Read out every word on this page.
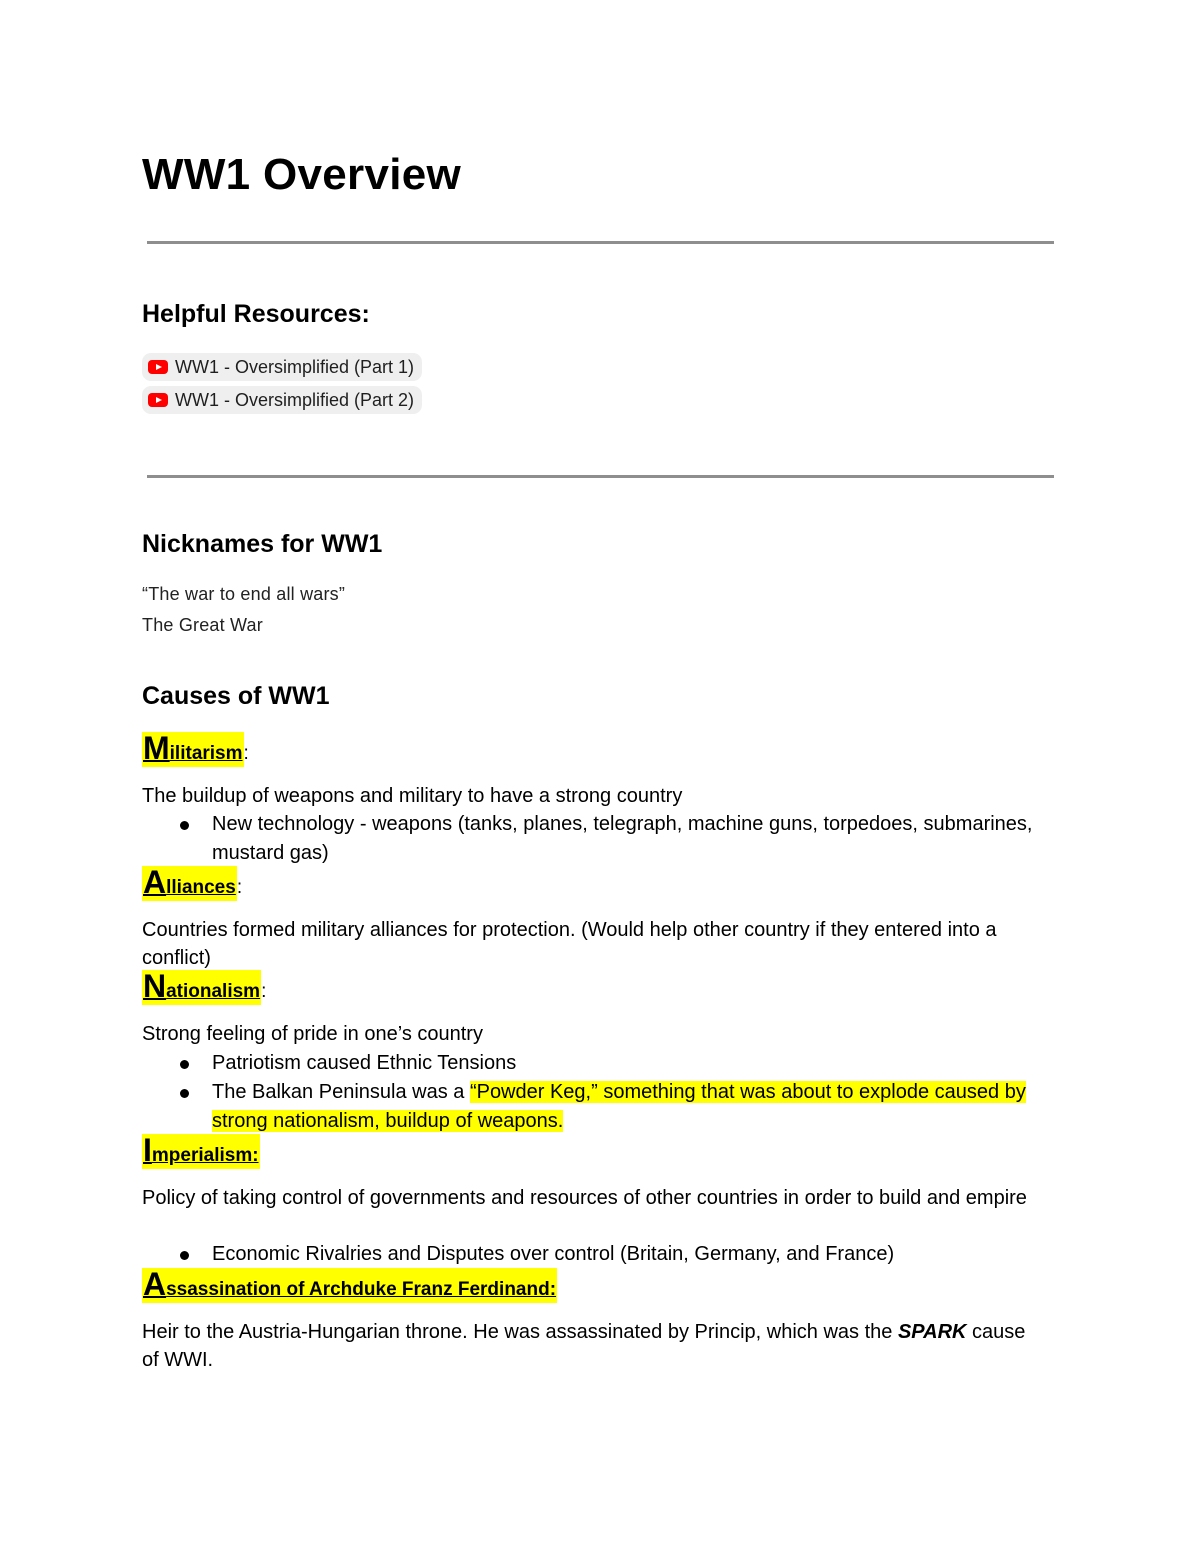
WW1 Overview
Helpful Resources:
WW1 - Oversimplified (Part 1)
WW1 - Oversimplified (Part 2)
Nicknames for WW1

“The war to end all wars”

The Great War

Causes of WW1
M ilitarism :

The buildup of weapons and military to have a strong country

New technology - weapons (tanks, planes, telegraph, machine guns, torpedoes, submarines, mustard gas)
A lliances :

Countries formed military alliances for protection. (Would help other country if they entered into a conflict)

N ationalism :

Strong feeling of pride in one’s country

Patriotism caused Ethnic Tensions
The Balkan Peninsula was a “Powder Keg,” something that was about to explode caused by strong nationalism, buildup of weapons.
I mperialism:

Policy of taking control of governments and resources of other countries in order to build and empire

Economic Rivalries and Disputes over control (Britain, Germany, and France)
A ssassination of Archduke Franz Ferdinand:

Heir to the Austria-Hungarian throne. He was assassinated by Princip, which was the SPARK cause of WWI.
